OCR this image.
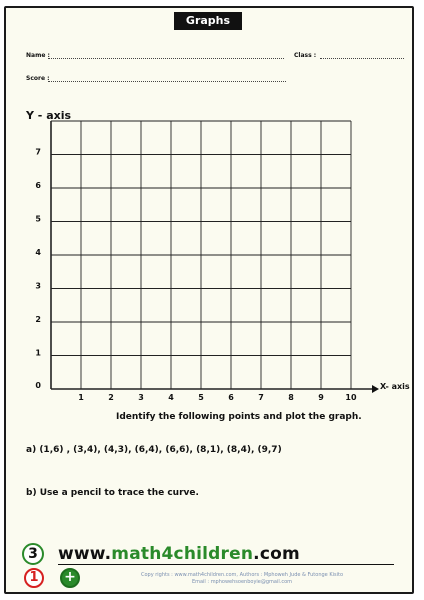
Graphs
Name :	Class :
Score :
Y - axis
X- axis
1	2	3	4	5	6	7	8	9	10
0
1
2
3
4
5
6
7
Identify the following points and plot the graph.
a) (1,6) , (3,4), (4,3), (6,4), (6,6), (8,1), (8,4), (9,7)
b) Use a pencil to trace the curve.
3
1	+
www.math4children.com
Copy rights : www.math4children.com, Authors : Mphoweh Jude & Futonge Kisito
Email : mphowehsoenboyie@gmail.com
